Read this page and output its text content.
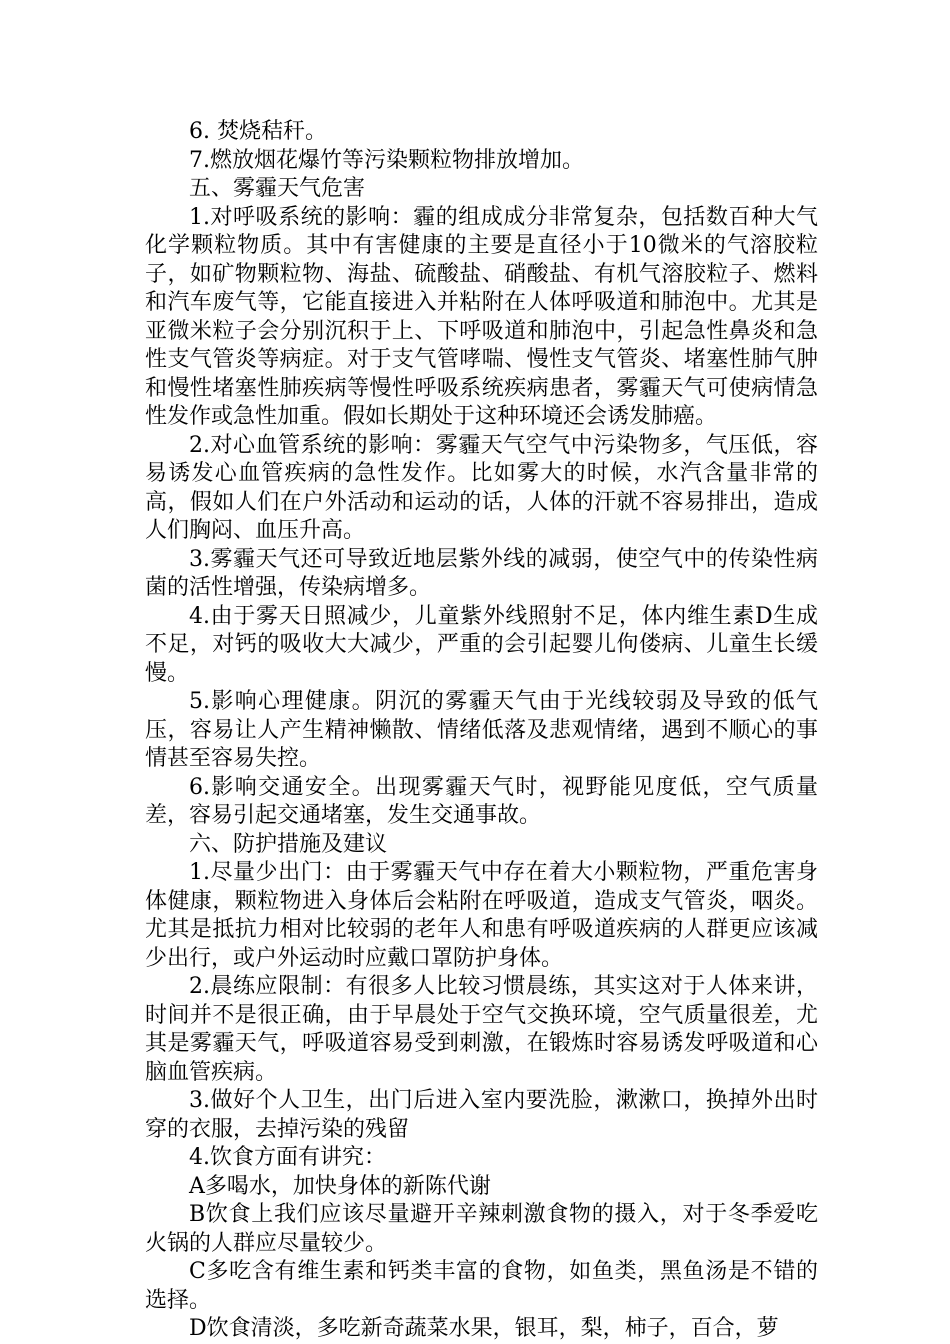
6. 焚烧秸秆。

7.燃放烟花爆竹等污染颗粒物排放增加。

五、雾霾天气危害

1.对呼吸系统的影响：霾的组成成分非常复杂，包括数百种大气化学颗粒物质。其中有害健康的主要是直径小于10微米的气溶胶粒子，如矿物颗粒物、海盐、硫酸盐、硝酸盐、有机气溶胶粒子、燃料和汽车废气等，它能直接进入并粘附在人体呼吸道和肺泡中。尤其是亚微米粒子会分别沉积于上、下呼吸道和肺泡中，引起急性鼻炎和急性支气管炎等病症。对于支气管哮喘、慢性支气管炎、堵塞性肺气肿和慢性堵塞性肺疾病等慢性呼吸系统疾病患者，雾霾天气可使病情急性发作或急性加重。假如长期处于这种环境还会诱发肺癌。

2.对心血管系统的影响：雾霾天气空气中污染物多，气压低，容易诱发心血管疾病的急性发作。比如雾大的时候，水汽含量非常的高，假如人们在户外活动和运动的话，人体的汗就不容易排出，造成人们胸闷、血压升高。

3.雾霾天气还可导致近地层紫外线的减弱，使空气中的传染性病菌的活性增强，传染病增多。

4.由于雾天日照减少，儿童紫外线照射不足，体内维生素D生成不足，对钙的吸收大大减少，严重的会引起婴儿佝偻病、儿童生长缓慢。

5.影响心理健康。阴沉的雾霾天气由于光线较弱及导致的低气压，容易让人产生精神懒散、情绪低落及悲观情绪，遇到不顺心的事情甚至容易失控。

6.影响交通安全。出现雾霾天气时，视野能见度低，空气质量差，容易引起交通堵塞，发生交通事故。

六、防护措施及建议

1.尽量少出门：由于雾霾天气中存在着大小颗粒物，严重危害身体健康，颗粒物进入身体后会粘附在呼吸道，造成支气管炎，咽炎。尤其是抵抗力相对比较弱的老年人和患有呼吸道疾病的人群更应该减少出行，或户外运动时应戴口罩防护身体。

2.晨练应限制：有很多人比较习惯晨练，其实这对于人体来讲，时间并不是很正确，由于早晨处于空气交换环境，空气质量很差，尤其是雾霾天气，呼吸道容易受到刺激，在锻炼时容易诱发呼吸道和心脑血管疾病。

3.做好个人卫生，出门后进入室内要洗脸，漱漱口，换掉外出时穿的衣服，去掉污染的残留

4.饮食方面有讲究：

A多喝水，加快身体的新陈代谢

B饮食上我们应该尽量避开辛辣刺激食物的摄入，对于冬季爱吃火锅的人群应尽量较少。

C多吃含有维生素和钙类丰富的食物，如鱼类，黑鱼汤是不错的选择。

D饮食清淡，多吃新奇蔬菜水果，银耳，梨，柿子，百合，萝
